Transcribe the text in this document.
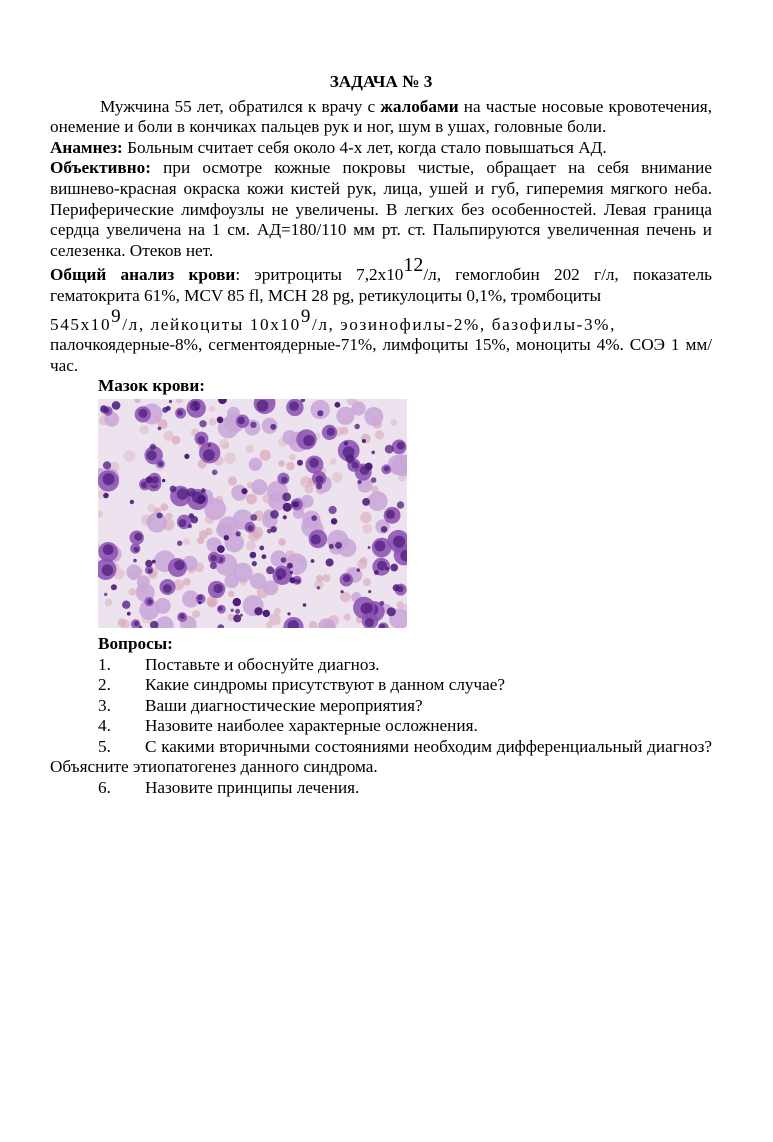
ЗАДАЧА № 3

Мужчина 55 лет, обратился к врачу с жалобами на частые носовые кровотечения, онемение и боли в кончиках пальцев рук и ног, шум в ушах, головные боли.

Анамнез: Больным считает себя около 4-х лет, когда стало повышаться АД.

Объективно: при осмотре кожные покровы чистые, обращает на себя внимание вишнево-красная окраска кожи кистей рук, лица, ушей и губ, гиперемия мягкого неба. Периферические лимфоузлы не увеличены. В легких без особенностей. Левая граница сердца увеличена на 1 см. АД=180/110 мм рт. ст. Пальпируются увеличенная печень и селезенка. Отеков нет.

Общий анализ крови: эритроциты 7,2х1012/л, гемоглобин 202 г/л, показатель гематокрита 61%, MCV 85 fl, MCH 28 pg, ретикулоциты 0,1%, тромбоциты
545х109/л, лейкоциты 10х109/л, эозинофилы-2%, базофилы-3%,
палочкоядерные-8%, сегментоядерные-71%, лимфоциты 15%, моноциты 4%. СОЭ 1 мм/час.

Мазок крови:
Вопросы:
1. Поставьте и обоснуйте диагноз.
2. Какие синдромы присутствуют в данном случае?
3. Ваши диагностические мероприятия?
4. Назовите наиболее характерные осложнения.
5. С какими вторичными состояниями необходим дифференциальный диагноз? Объясните этиопатогенез данного синдрома.
6. Назовите принципы лечения.
